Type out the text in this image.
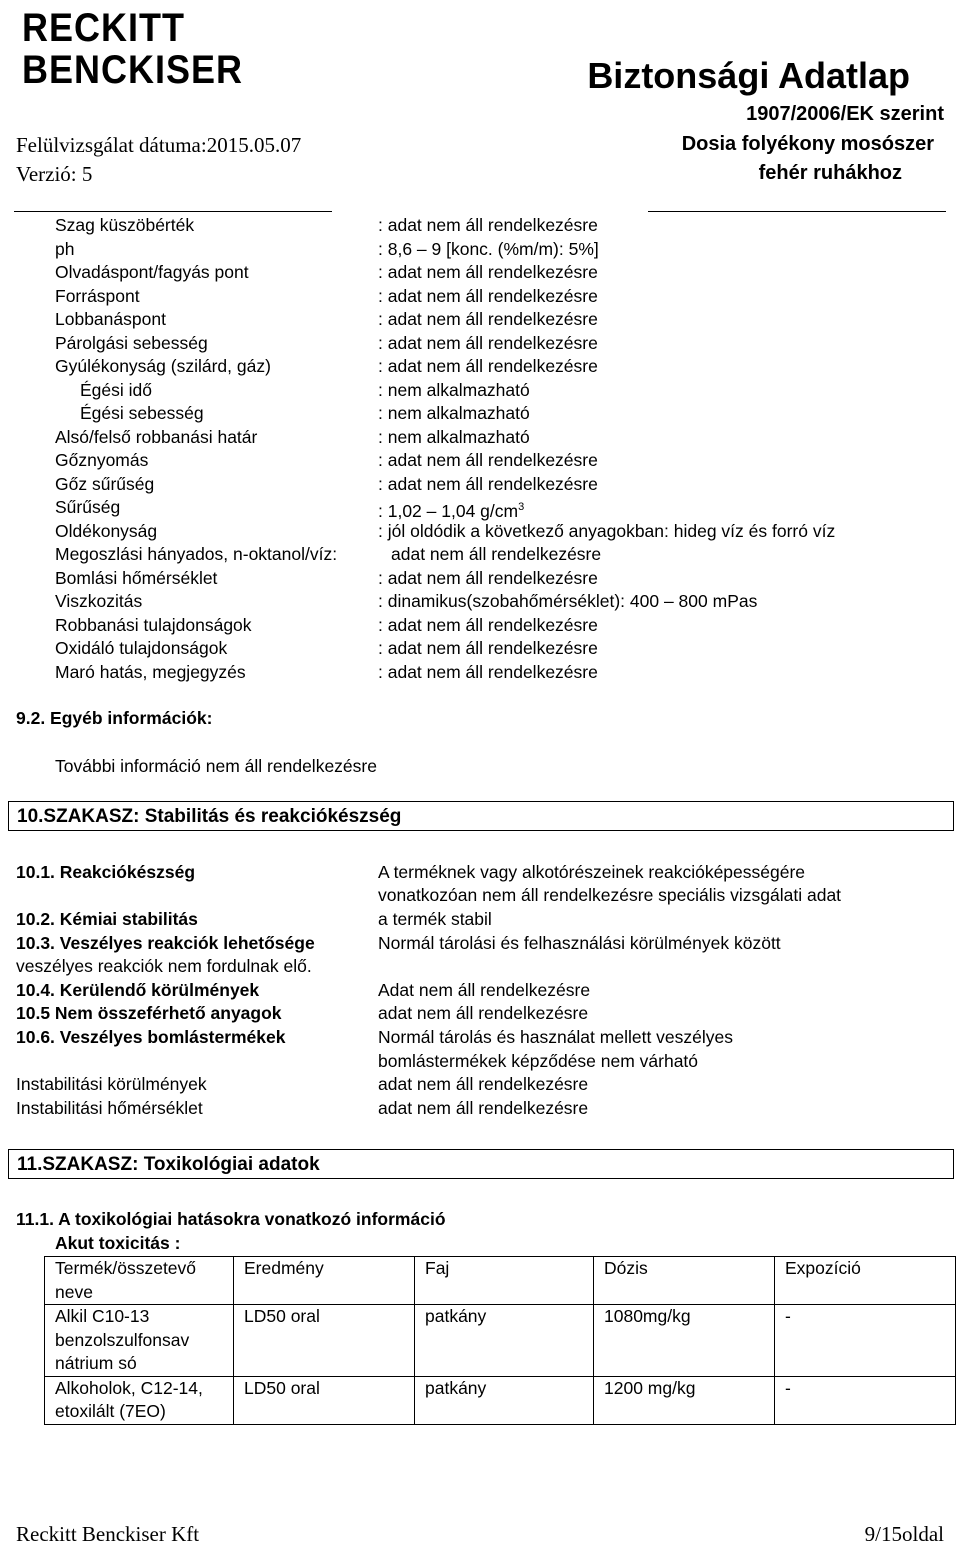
RECKITT
BENCKISER	Biztonsági Adatlap
1907/2006/EK szerint
Dosia folyékony mosószer
fehér ruhákhoz
Felülvizsgálat dátuma:2015.05.07
Verzió: 5
Szag küszöbérték	: adat nem áll rendelkezésre
ph	: 8,6 – 9 [konc. (%m/m): 5%]
Olvadáspont/fagyás pont	: adat nem áll rendelkezésre
Forráspont	: adat nem áll rendelkezésre
Lobbanáspont	: adat nem áll rendelkezésre
Párolgási sebesség	: adat nem áll rendelkezésre
Gyúlékonyság (szilárd, gáz)	: adat nem áll rendelkezésre
Égési idő	: nem alkalmazható
Égési sebesség	: nem alkalmazható
Alsó/felső robbanási határ	: nem alkalmazható
Gőznyomás	: adat nem áll rendelkezésre
Gőz sűrűség	: adat nem áll rendelkezésre
Sűrűség	: 1,02 – 1,04 $g/cm^3$
Oldékonyság	: jól oldódik a következő anyagokban: hideg víz és forró víz
Megoszlási hányados, n-oktanol/víz:	adat nem áll rendelkezésre
Bomlási hőmérséklet	: adat nem áll rendelkezésre
Viszkozitás	: dinamikus(szobahőmérséklet): 400 – 800 mPas
Robbanási tulajdonságok	: adat nem áll rendelkezésre
Oxidáló tulajdonságok	: adat nem áll rendelkezésre
Maró hatás, megjegyzés	: adat nem áll rendelkezésre
9.2. Egyéb információk:
További információ nem áll rendelkezésre
10.SZAKASZ: Stabilitás és reakciókészség
10.1. Reakciókészség	A terméknek vagy alkotórészeinek reakcióképességére
vonatkozóan nem áll rendelkezésre speciális vizsgálati adat
10.2. Kémiai stabilitás	a termék stabil
10.3. Veszélyes reakciók lehetősége	Normál tárolási és felhasználási körülmények között
veszélyes reakciók nem fordulnak elő.
10.4. Kerülendő körülmények	Adat nem áll rendelkezésre
10.5 Nem összeférhető anyagok	adat nem áll rendelkezésre
10.6. Veszélyes bomlástermékek	Normál tárolás és használat mellett veszélyes
bomlástermékek képződése nem várható
Instabilitási körülmények	adat nem áll rendelkezésre
Instabilitási hőmérséklet	adat nem áll rendelkezésre
11.SZAKASZ: Toxikológiai adatok
11.1. A toxikológiai hatásokra vonatkozó információ
Akut toxicitás :
Termék/összetevő neve	Eredmény	Faj	Dózis	Expozíció
Alkil C10-13 benzolszulfonsav nátrium só	LD50 oral	patkány	1080mg/kg	-
Alkoholok, C12-14, etoxilált (7EO)	LD50 oral	patkány	1200 mg/kg	-
Reckitt Benckiser Kft	9/15oldal
